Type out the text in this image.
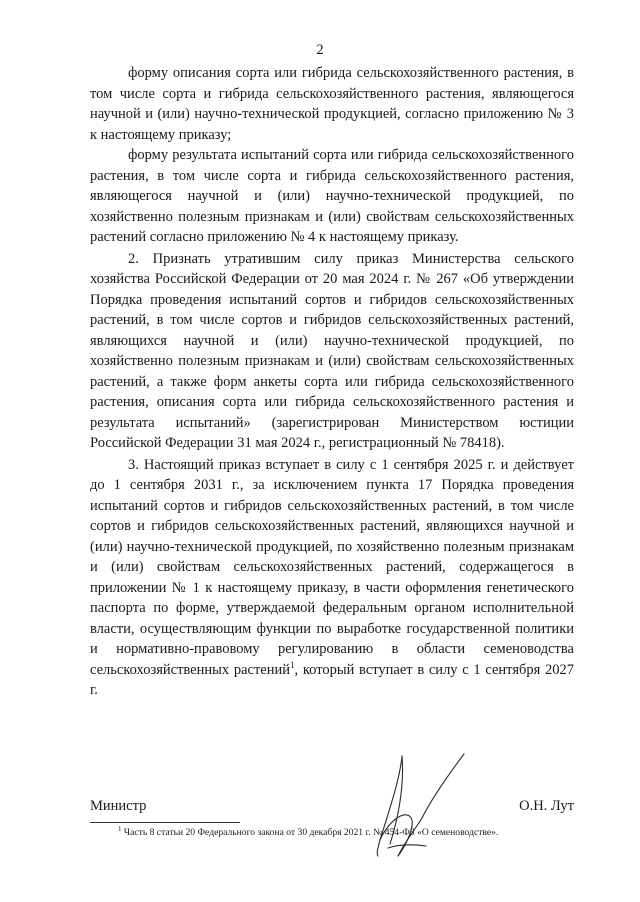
2

форму описания сорта или гибрида сельскохозяйственного растения, в том числе сорта и гибрида сельскохозяйственного растения, являющегося научной и (или) научно-технической продукцией, согласно приложению № 3 к настоящему приказу;

форму результата испытаний сорта или гибрида сельскохозяйственного растения, в том числе сорта и гибрида сельскохозяйственного растения, являющегося научной и (или) научно-технической продукцией, по хозяйственно полезным признакам и (или) свойствам сельскохозяйственных растений согласно приложению № 4 к настоящему приказу.

2. Признать утратившим силу приказ Министерства сельского хозяйства Российской Федерации от 20 мая 2024 г. № 267 «Об утверждении Порядка проведения испытаний сортов и гибридов сельскохозяйственных растений, в том числе сортов и гибридов сельскохозяйственных растений, являющихся научной и (или) научно-технической продукцией, по хозяйственно полезным признакам и (или) свойствам сельскохозяйственных растений, а также форм анкеты сорта или гибрида сельскохозяйственного растения, описания сорта или гибрида сельскохозяйственного растения и результата испытаний» (зарегистрирован Министерством юстиции Российской Федерации 31 мая 2024 г., регистрационный № 78418).

3. Настоящий приказ вступает в силу с 1 сентября 2025 г. и действует до 1 сентября 2031 г., за исключением пункта 17 Порядка проведения испытаний сортов и гибридов сельскохозяйственных растений, в том числе сортов и гибридов сельскохозяйственных растений, являющихся научной и (или) научно-технической продукцией, по хозяйственно полезным признакам и (или) свойствам сельскохозяйственных растений, содержащегося в приложении № 1 к настоящему приказу, в части оформления генетического паспорта по форме, утверждаемой федеральным органом исполнительной власти, осуществляющим функции по выработке государственной политики и нормативно-правовому регулированию в области семеноводства сельскохозяйственных растений$^1$, который вступает в силу с 1 сентября 2027 г.

Министр	О.Н. Лут
$^1$ Часть 8 статьи 20 Федерального закона от 30 декабря 2021 г. № 454-ФЗ «О семеноводстве».
